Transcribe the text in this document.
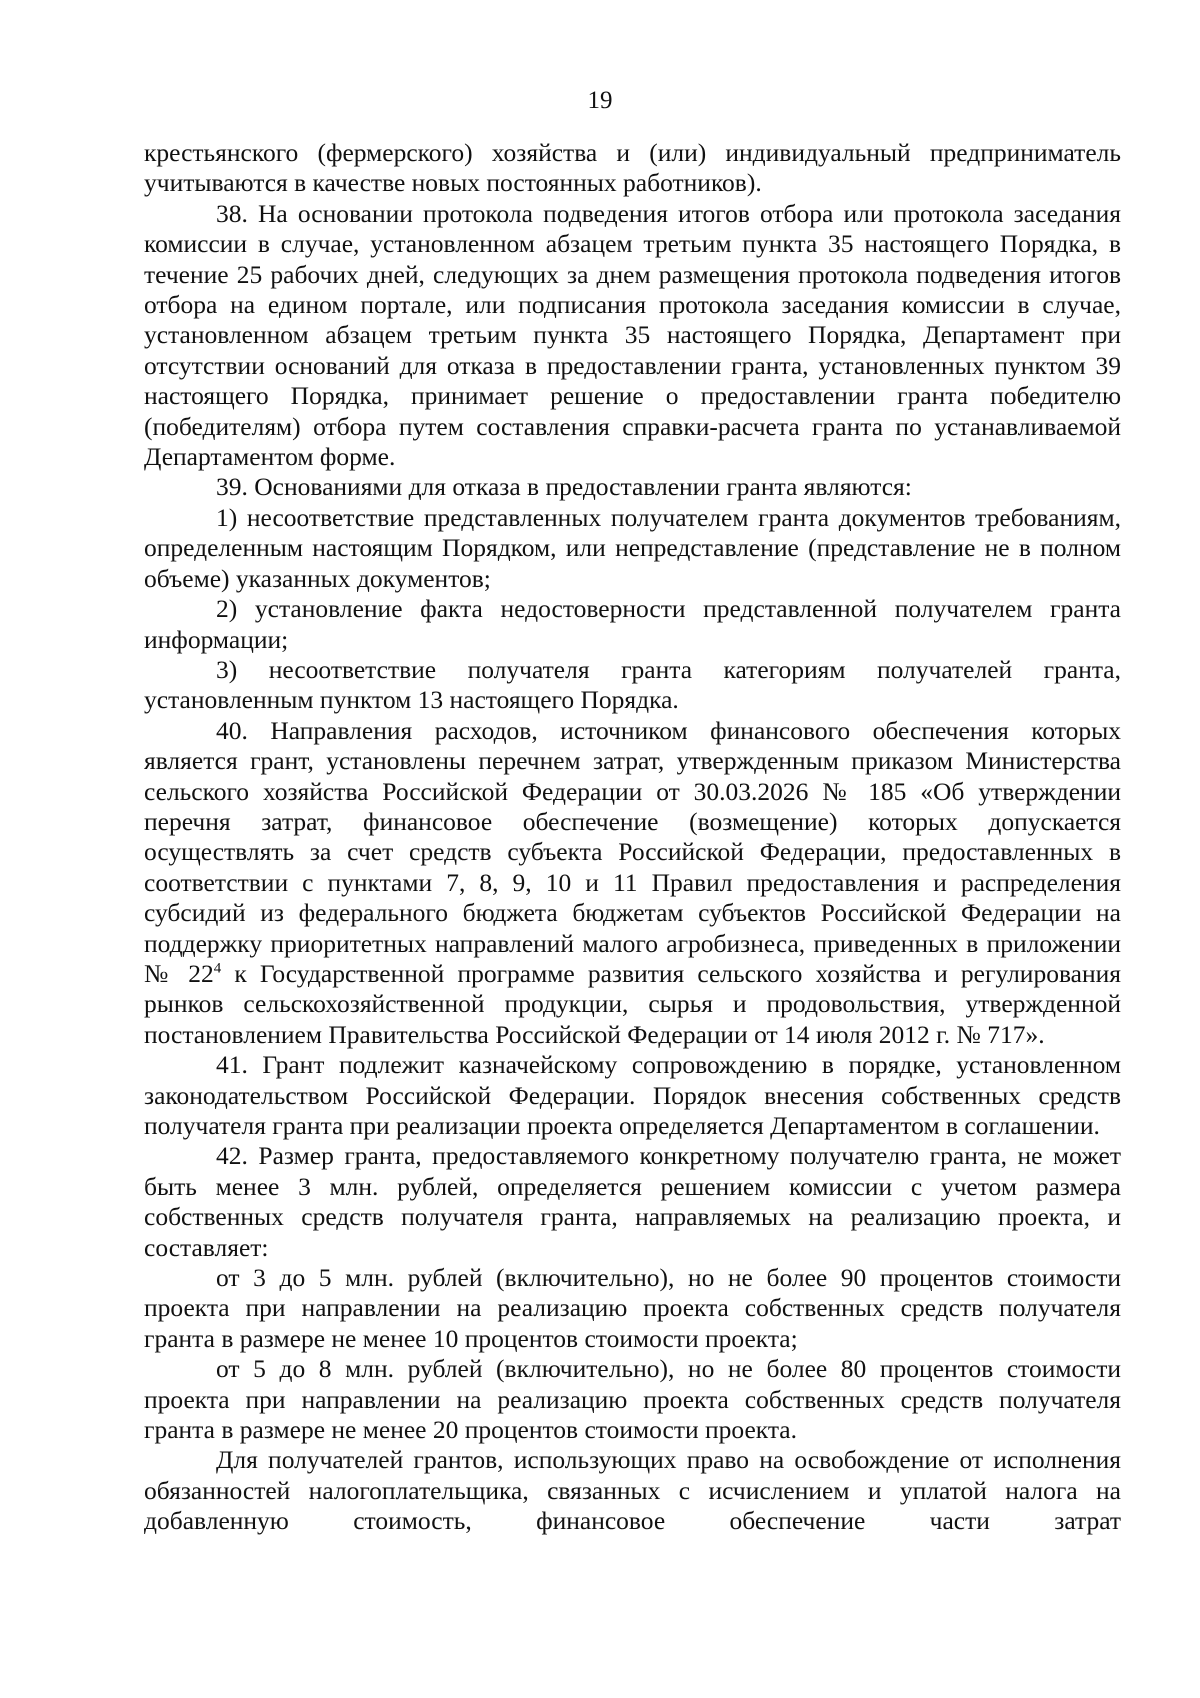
19

крестьянского (фермерского) хозяйства и (или) индивидуальный предприниматель учитываются в качестве новых постоянных работников).

38. На основании протокола подведения итогов отбора или протокола заседания комиссии в случае, установленном абзацем третьим пункта 35 настоящего Порядка, в течение 25 рабочих дней, следующих за днем размещения протокола подведения итогов отбора на едином портале, или подписания протокола заседания комиссии в случае, установленном абзацем третьим пункта 35 настоящего Порядка, Департамент при отсутствии оснований для отказа в предоставлении гранта, установленных пунктом 39 настоящего Порядка, принимает решение о предоставлении гранта победителю (победителям) отбора путем составления справки-расчета гранта по устанавливаемой Департаментом форме.

39. Основаниями для отказа в предоставлении гранта являются:

1) несоответствие представленных получателем гранта документов требованиям, определенным настоящим Порядком, или непредставление (представление не в полном объеме) указанных документов;

2) установление факта недостоверности представленной получателем гранта информации;

3) несоответствие получателя гранта категориям получателей гранта, установленным пунктом 13 настоящего Порядка.

40. Направления расходов, источником финансового обеспечения которых является грант, установлены перечнем затрат, утвержденным приказом Министерства сельского хозяйства Российской Федерации от 30.03.2026 № 185 «Об утверждении перечня затрат, финансовое обеспечение (возмещение) которых допускается осуществлять за счет средств субъекта Российской Федерации, предоставленных в соответствии с пунктами 7, 8, 9, 10 и 11 Правил предоставления и распределения субсидий из федерального бюджета бюджетам субъектов Российской Федерации на поддержку приоритетных направлений малого агробизнеса, приведенных в приложении № $22^4$ к Государственной программе развития сельского хозяйства и регулирования рынков сельскохозяйственной продукции, сырья и продовольствия, утвержденной постановлением Правительства Российской Федерации от 14 июля 2012 г. № 717».

41. Грант подлежит казначейскому сопровождению в порядке, установленном законодательством Российской Федерации. Порядок внесения собственных средств получателя гранта при реализации проекта определяется Департаментом в соглашении.

42. Размер гранта, предоставляемого конкретному получателю гранта, не может быть менее 3 млн. рублей, определяется решением комиссии с учетом размера собственных средств получателя гранта, направляемых на реализацию проекта, и составляет:

от 3 до 5 млн. рублей (включительно), но не более 90 процентов стоимости проекта при направлении на реализацию проекта собственных средств получателя гранта в размере не менее 10 процентов стоимости проекта;

от 5 до 8 млн. рублей (включительно), но не более 80 процентов стоимости проекта при направлении на реализацию проекта собственных средств получателя гранта в размере не менее 20 процентов стоимости проекта.

Для получателей грантов, использующих право на освобождение от исполнения обязанностей налогоплательщика, связанных с исчислением и уплатой налога на добавленную стоимость, финансовое обеспечение части затрат
